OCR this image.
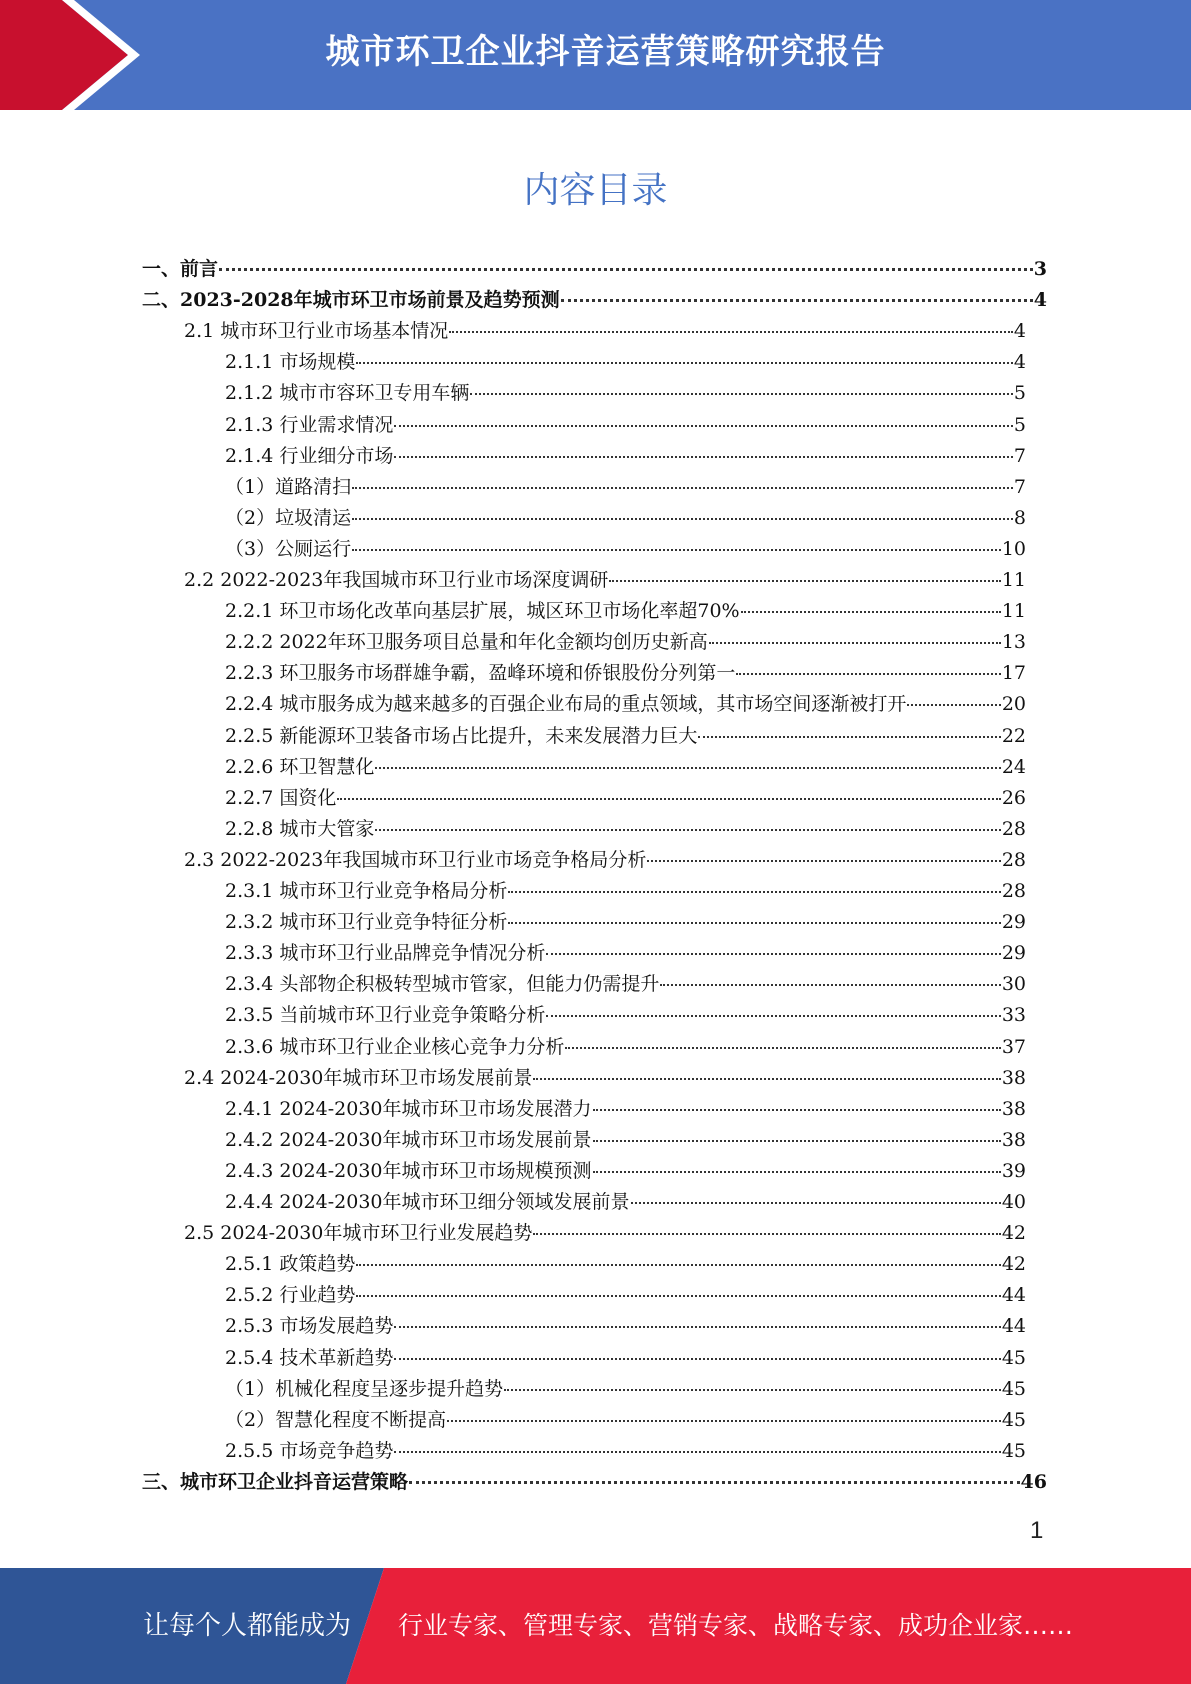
城市环卫企业抖音运营策略研究报告
内容目录
一、前言	3
二、2023-2028年城市环卫市场前景及趋势预测	4
2.1 城市环卫行业市场基本情况	4
2.1.1 市场规模	4
2.1.2 城市市容环卫专用车辆	5
2.1.3 行业需求情况	5
2.1.4 行业细分市场	7
（1）道路清扫	7
（2）垃圾清运	8
（3）公厕运行	10
2.2 2022-2023年我国城市环卫行业市场深度调研	11
2.2.1 环卫市场化改革向基层扩展，城区环卫市场化率超70%	11
2.2.2 2022年环卫服务项目总量和年化金额均创历史新高	13
2.2.3 环卫服务市场群雄争霸，盈峰环境和侨银股份分列第一	17
2.2.4 城市服务成为越来越多的百强企业布局的重点领域，其市场空间逐渐被打开	20
2.2.5 新能源环卫装备市场占比提升，未来发展潜力巨大	22
2.2.6 环卫智慧化	24
2.2.7 国资化	26
2.2.8 城市大管家	28
2.3 2022-2023年我国城市环卫行业市场竞争格局分析	28
2.3.1 城市环卫行业竞争格局分析	28
2.3.2 城市环卫行业竞争特征分析	29
2.3.3 城市环卫行业品牌竞争情况分析	29
2.3.4 头部物企积极转型城市管家，但能力仍需提升	30
2.3.5 当前城市环卫行业竞争策略分析	33
2.3.6 城市环卫行业企业核心竞争力分析	37
2.4 2024-2030年城市环卫市场发展前景	38
2.4.1 2024-2030年城市环卫市场发展潜力	38
2.4.2 2024-2030年城市环卫市场发展前景	38
2.4.3 2024-2030年城市环卫市场规模预测	39
2.4.4 2024-2030年城市环卫细分领域发展前景	40
2.5 2024-2030年城市环卫行业发展趋势	42
2.5.1 政策趋势	42
2.5.2 行业趋势	44
2.5.3 市场发展趋势	44
2.5.4 技术革新趋势	45
（1）机械化程度呈逐步提升趋势	45
（2）智慧化程度不断提高	45
2.5.5 市场竞争趋势	45
三、城市环卫企业抖音运营策略	46
1
让每个人都能成为 行业专家、管理专家、营销专家、战略专家、成功企业家……
